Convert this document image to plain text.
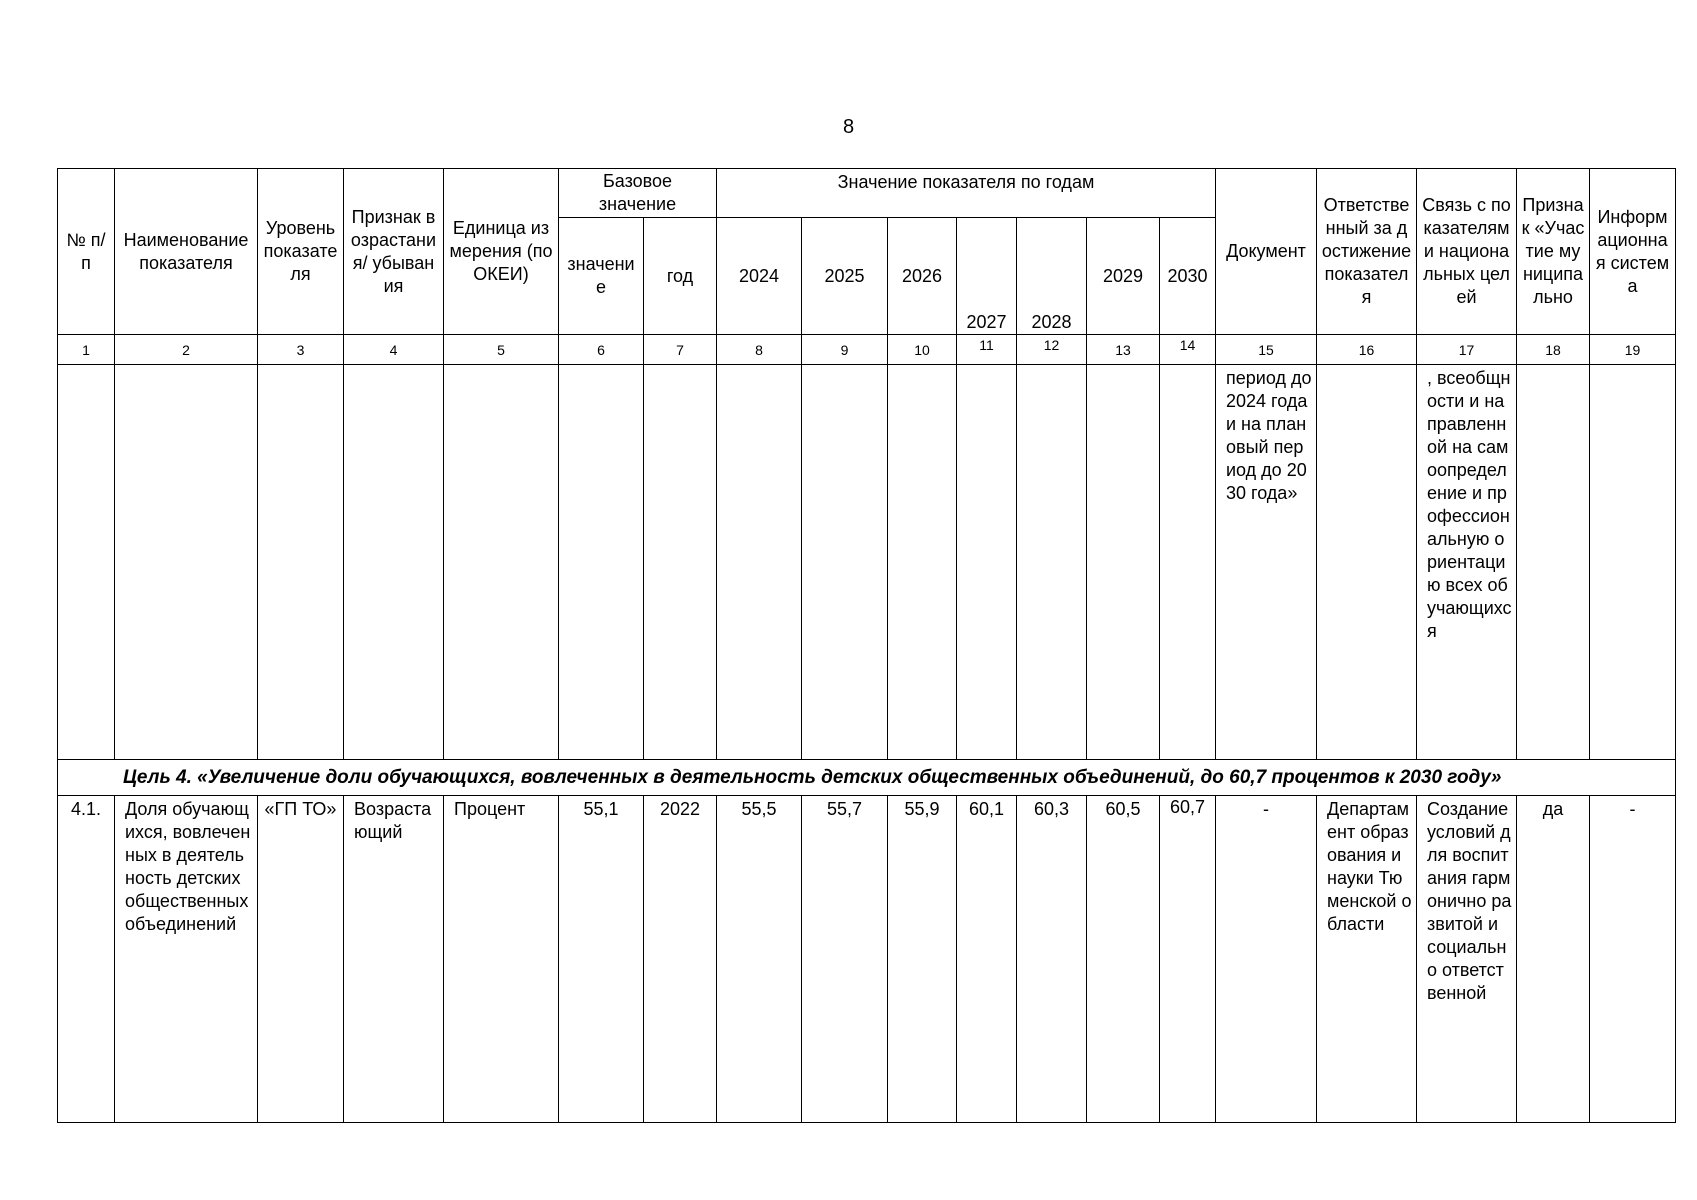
8
№ п/п	Наименование показателя	Уровень показателя	Признак возрастания/ убывания	Единица измерения (по ОКЕИ)	Базовое значение		Значение показателя по годам							Документ	Ответственный за достижение показателя	Связь с показателями национальных целей	Признак «Участие муниципально	Информационная система
					значение	год	2024	2025	2026	2027	2028	2029	2030					
1	2	3	4	5	6	7	8	9	10	11	12	13	14	15	16	17	18	19
														период до 2024 года и на плановый период до 2030 года»		, всеобщности и направленной на самоопределение и профессиональную ориентацию всех обучающихся		
Цель 4. «Увеличение доли обучающихся, вовлеченных в деятельность детских общественных объединений, до 60,7 процентов к 2030 году»																		
4.1.	Доля обучающихся, вовлеченных в деятельность детских общественных объединений	«ГП ТО»	Возрастающий	Процент	55,1	2022	55,5	55,7	55,9	60,1	60,3	60,5	60,7	-	Департамент образования и науки Тюменской области	Создание условий для воспитания гармонично развитой и социально ответственной	да	-
